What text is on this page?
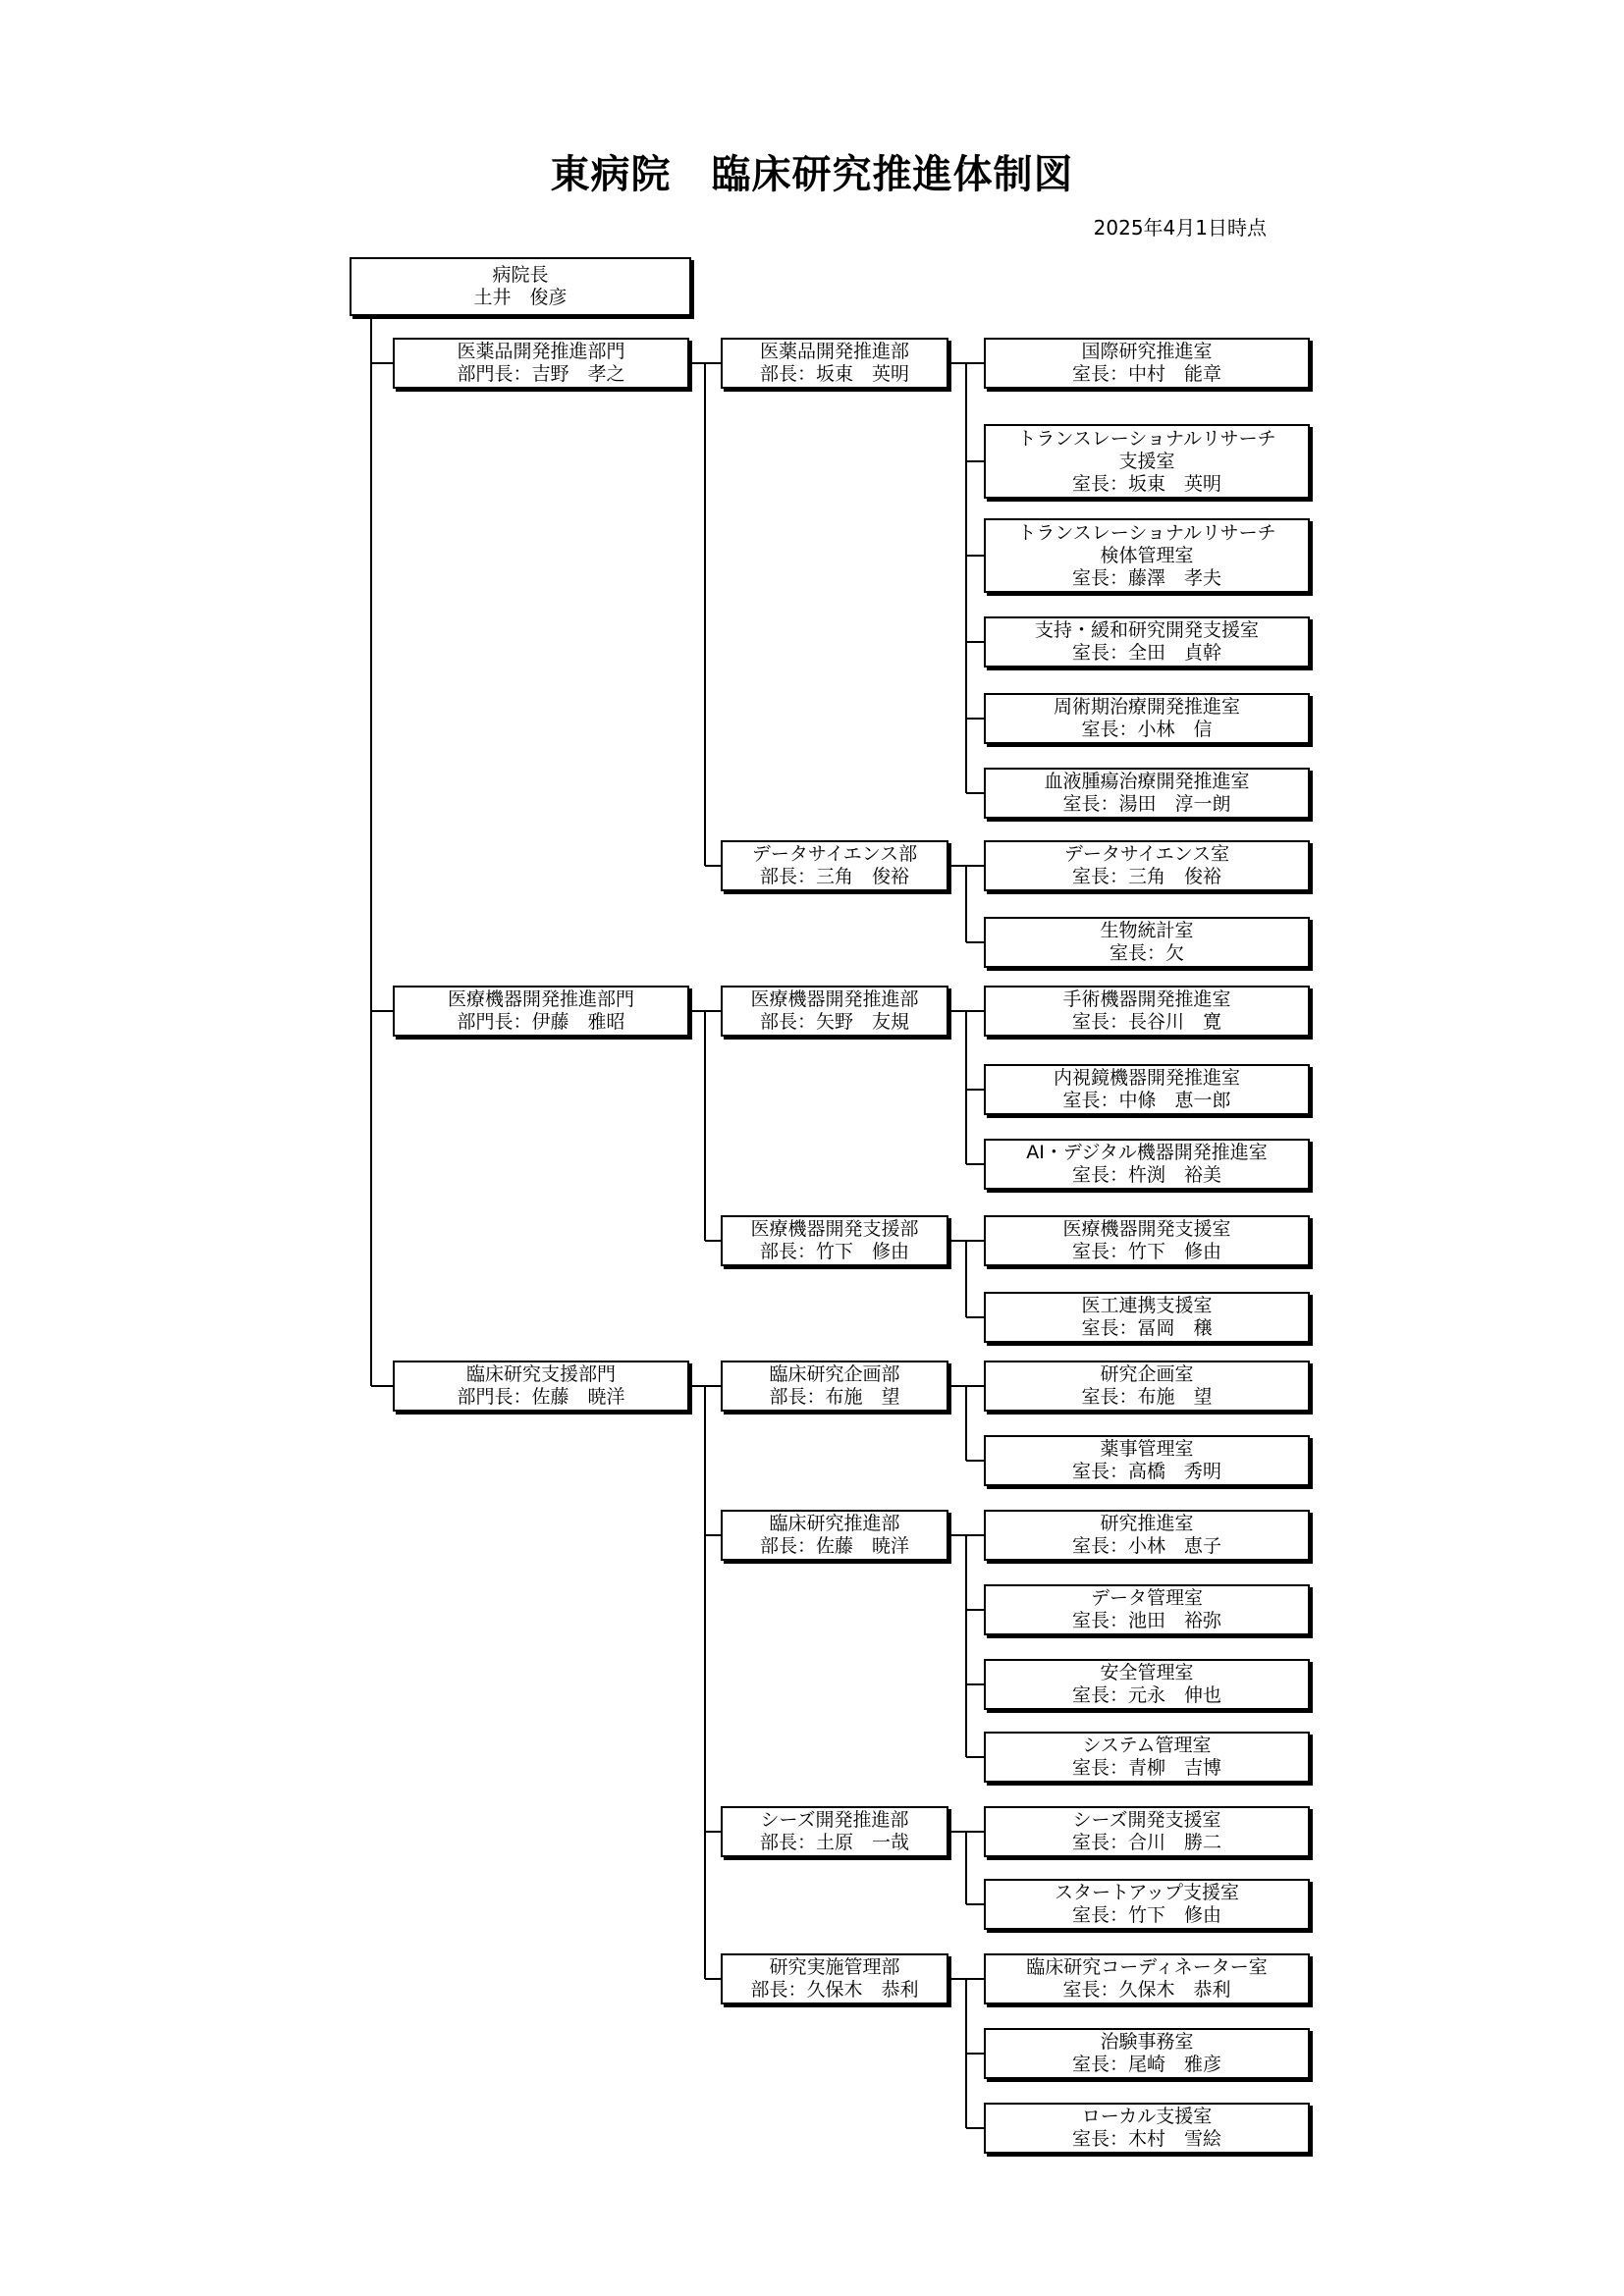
東病院　臨床研究推進体制図
2025年4月1日時点
病院長
土井　俊彦
医薬品開発推進部門
部門長：吉野　孝之
医薬品開発推進部
部長：坂東　英明
国際研究推進室
室長：中村　能章
トランスレーショナルリサーチ
支援室
室長：坂東　英明
トランスレーショナルリサーチ
検体管理室
室長：藤澤　孝夫
支持・緩和研究開発支援室
室長：全田　貞幹
周術期治療開発推進室
室長：小林　信
血液腫瘍治療開発推進室
室長：湯田　淳一朗
データサイエンス部
部長：三角　俊裕
データサイエンス室
室長：三角　俊裕
生物統計室
室長：欠
医療機器開発推進部門
部門長：伊藤　雅昭
医療機器開発推進部
部長：矢野　友規
手術機器開発推進室
室長：長谷川　寛
内視鏡機器開発推進室
室長：中條　恵一郎
AI・デジタル機器開発推進室
室長：杵渕　裕美
医療機器開発支援部
部長：竹下　修由
医療機器開発支援室
室長：竹下　修由
医工連携支援室
室長：冨岡　穣
臨床研究支援部門
部門長：佐藤　暁洋
臨床研究企画部
部長：布施　望
研究企画室
室長：布施　望
薬事管理室
室長：高橋　秀明
臨床研究推進部
部長：佐藤　暁洋
研究推進室
室長：小林　恵子
データ管理室
室長：池田　裕弥
安全管理室
室長：元永　伸也
システム管理室
室長：青柳　吉博
シーズ開発推進部
部長：土原　一哉
シーズ開発支援室
室長：合川　勝二
スタートアップ支援室
室長：竹下　修由
研究実施管理部
部長：久保木　恭利
臨床研究コーディネーター室
室長：久保木　恭利
治験事務室
室長：尾崎　雅彦
ローカル支援室
室長：木村　雪絵
